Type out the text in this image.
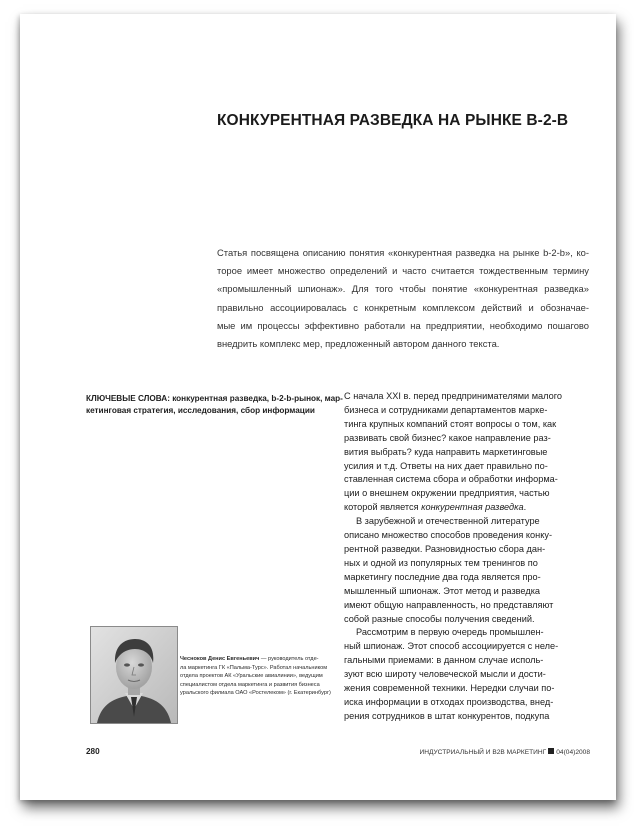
КОНКУРЕНТНАЯ РАЗВЕДКА НА РЫНКЕ B-2-B
Статья посвящена описанию понятия «конкурентная разведка на рынке b-2-b», ко-
торое имеет множество определений и часто считается тождественным термину
«промышленный шпионаж». Для того чтобы понятие «конкурентная разведка»
правильно ассоциировалась с конкретным комплексом действий и обозначае-
мые им процессы эффективно работали на предприятии, необходимо пошагово
внедрить комплекс мер, предложенный автором данного текста.
КЛЮЧЕВЫЕ СЛОВА: конкурентная разведка, b-2-b-рынок, мар-
кетинговая стратегия, исследования, сбор информации
С начала XXI в. перед предпринимателями малого
бизнеса и сотрудниками департаментов марке-
тинга крупных компаний стоят вопросы о том, как
развивать свой бизнес? какое направление раз-
вития выбрать? куда направить маркетинговые
усилия и т.д. Ответы на них дает правильно по-
ставленная система сбора и обработки информа-
ции о внешнем окружении предприятия, частью
которой является конкурентная разведка.
В зарубежной и отечественной литературе
описано множество способов проведения конку-
рентной разведки. Разновидностью сбора дан-
ных и одной из популярных тем тренингов по
маркетингу последние два года является про-
мышленный шпионаж. Этот метод и разведка
имеют общую направленность, но представляют
собой разные способы получения сведений.
Рассмотрим в первую очередь промышлен-
ный шпионаж. Этот способ ассоциируется с неле-
гальными приемами: в данном случае исполь-
зуют всю широту человеческой мысли и дости-
жения современной техники. Нередки случаи по-
иска информации в отходах производства, внед-
рения сотрудников в штат конкурентов, подкупа
Чесноков Денис Евгеньевич — руководитель отде-
ла маркетинга ГК «Пальма-Турс». Работал начальником
отдела проектов АК «Уральские авиалинии», ведущим
специалистом отдела маркетинга и развития бизнеса
уральского филиала ОАО «Ростелеком» (г. Екатеринбург)
280	ИНДУСТРИАЛЬНЫЙ И B2B МАРКЕТИНГ 04(04)2008
